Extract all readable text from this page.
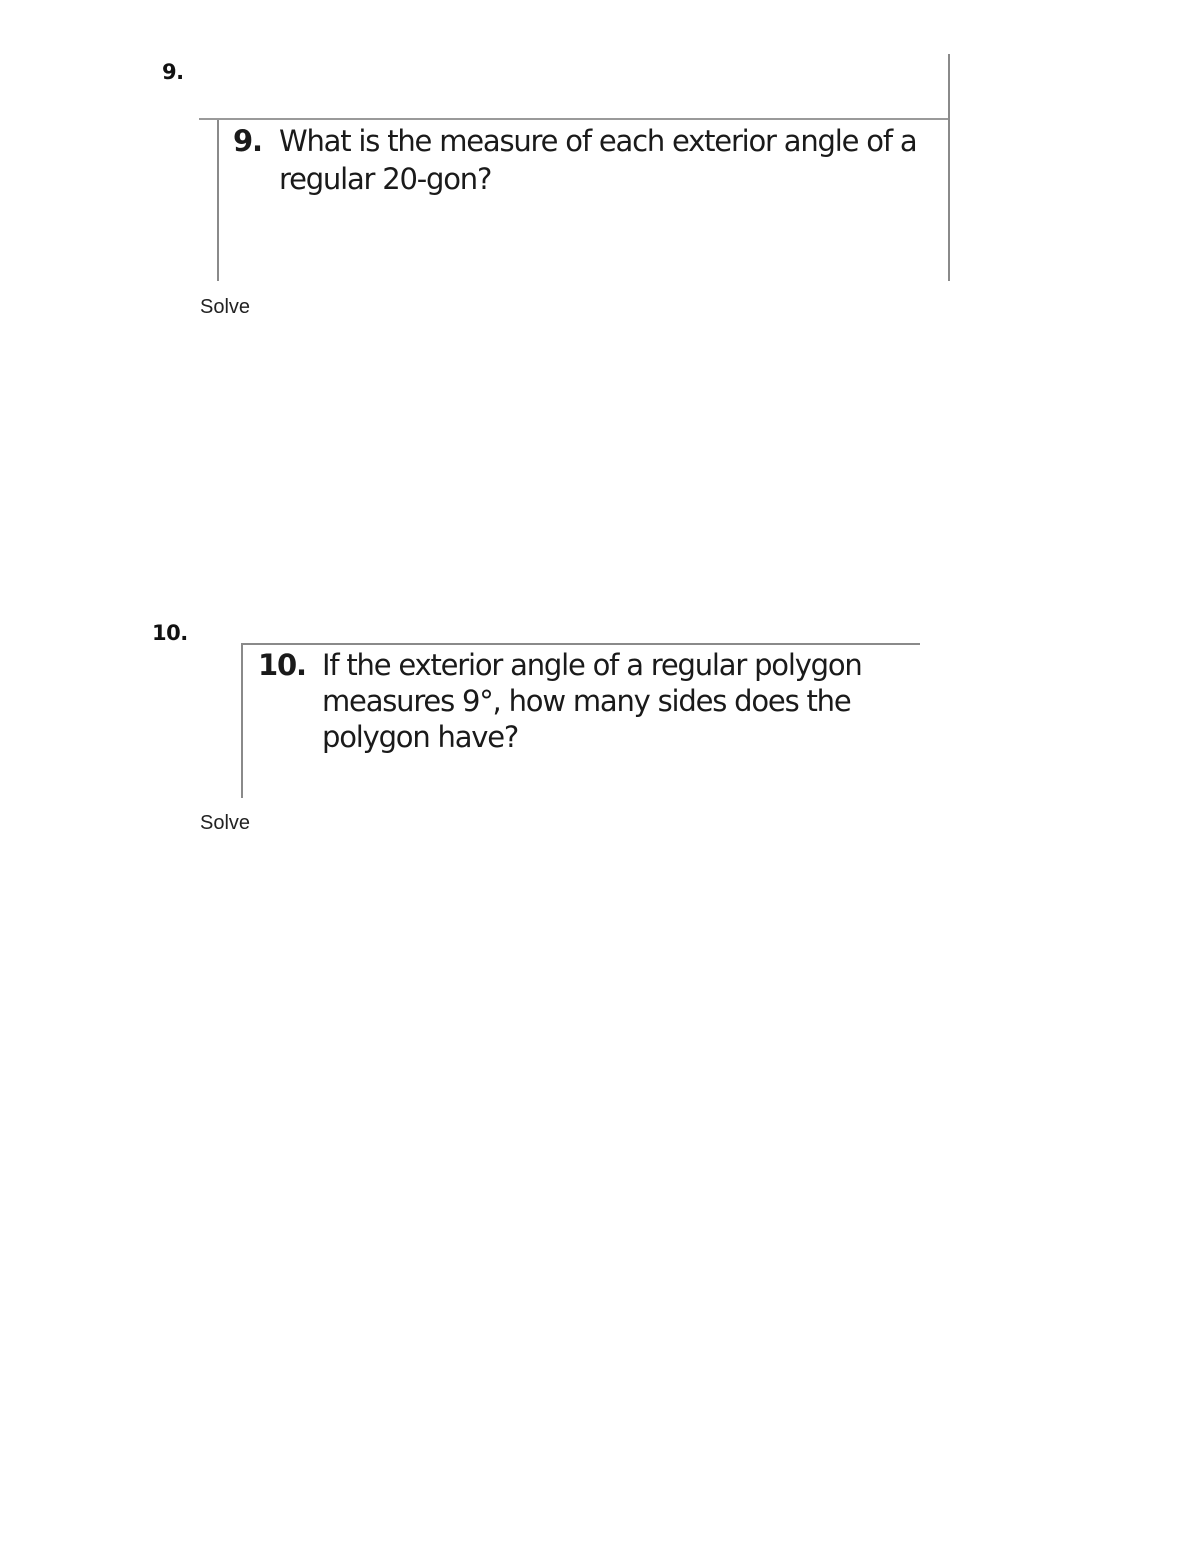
9.
9. What is the measure of each exterior angle of a
regular 20-gon?
Solve
10.
10. If the exterior angle of a regular polygon
measures 9°, how many sides does the
polygon have?
Solve
